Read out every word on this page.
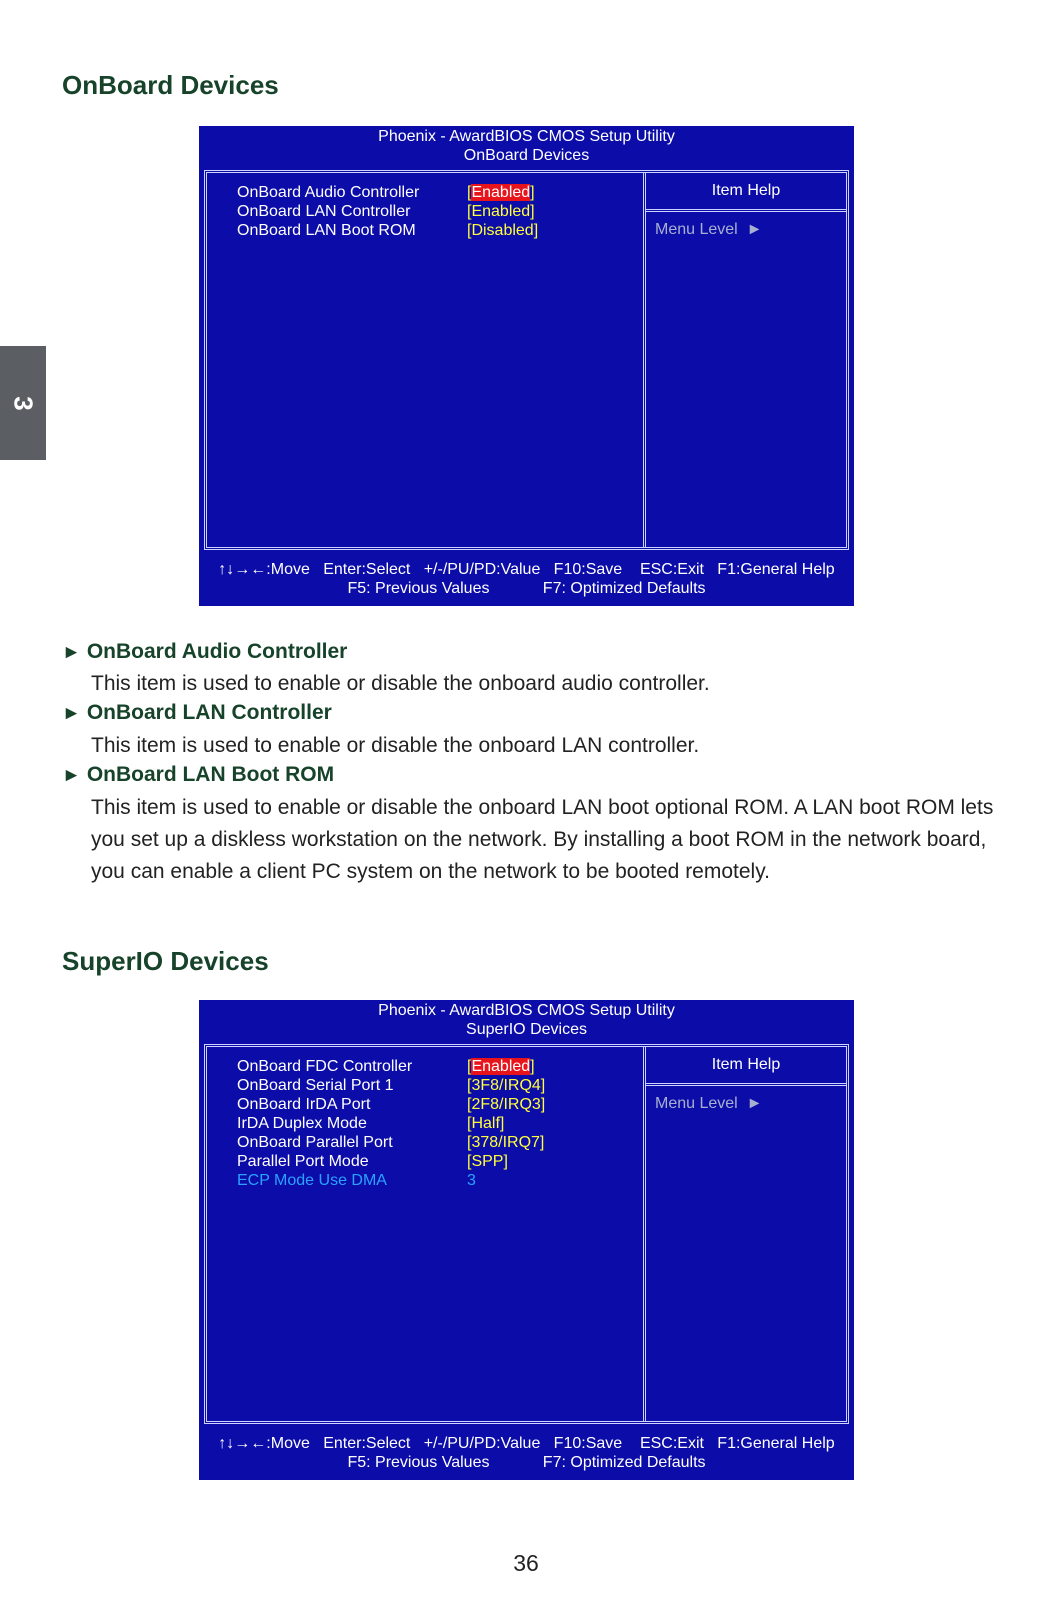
3
OnBoard Devices
Phoenix - AwardBIOS CMOS Setup Utility
OnBoard Devices
OnBoard Audio Controller	[Enabled]
OnBoard LAN Controller	[Enabled]
OnBoard LAN Boot ROM	[Disabled]
Item Help
Menu Level ►
↑↓→←:Move   Enter:Select   +/-/PU/PD:Value   F10:Save    ESC:Exit   F1:General Help
F5: Previous Values            F7: Optimized Defaults
► OnBoard Audio Controller

This item is used to enable or disable the onboard audio controller.

► OnBoard LAN Controller

This item is used to enable or disable the onboard LAN controller.

► OnBoard LAN Boot ROM

This item is used to enable or disable the onboard LAN boot optional ROM. A LAN boot ROM lets you set up a diskless workstation on the network. By installing a boot ROM in the network board, you can enable a client PC system on the network to be booted remotely.

SuperIO Devices
Phoenix - AwardBIOS CMOS Setup Utility
SuperIO Devices
OnBoard FDC Controller	[Enabled]
OnBoard Serial Port 1	[3F8/IRQ4]
OnBoard IrDA Port	[2F8/IRQ3]
IrDA Duplex Mode	[Half]
OnBoard Parallel Port	[378/IRQ7]
Parallel Port Mode	[SPP]
ECP Mode Use DMA	3
Item Help
Menu Level ►
↑↓→←:Move   Enter:Select   +/-/PU/PD:Value   F10:Save    ESC:Exit   F1:General Help
F5: Previous Values            F7: Optimized Defaults
36
